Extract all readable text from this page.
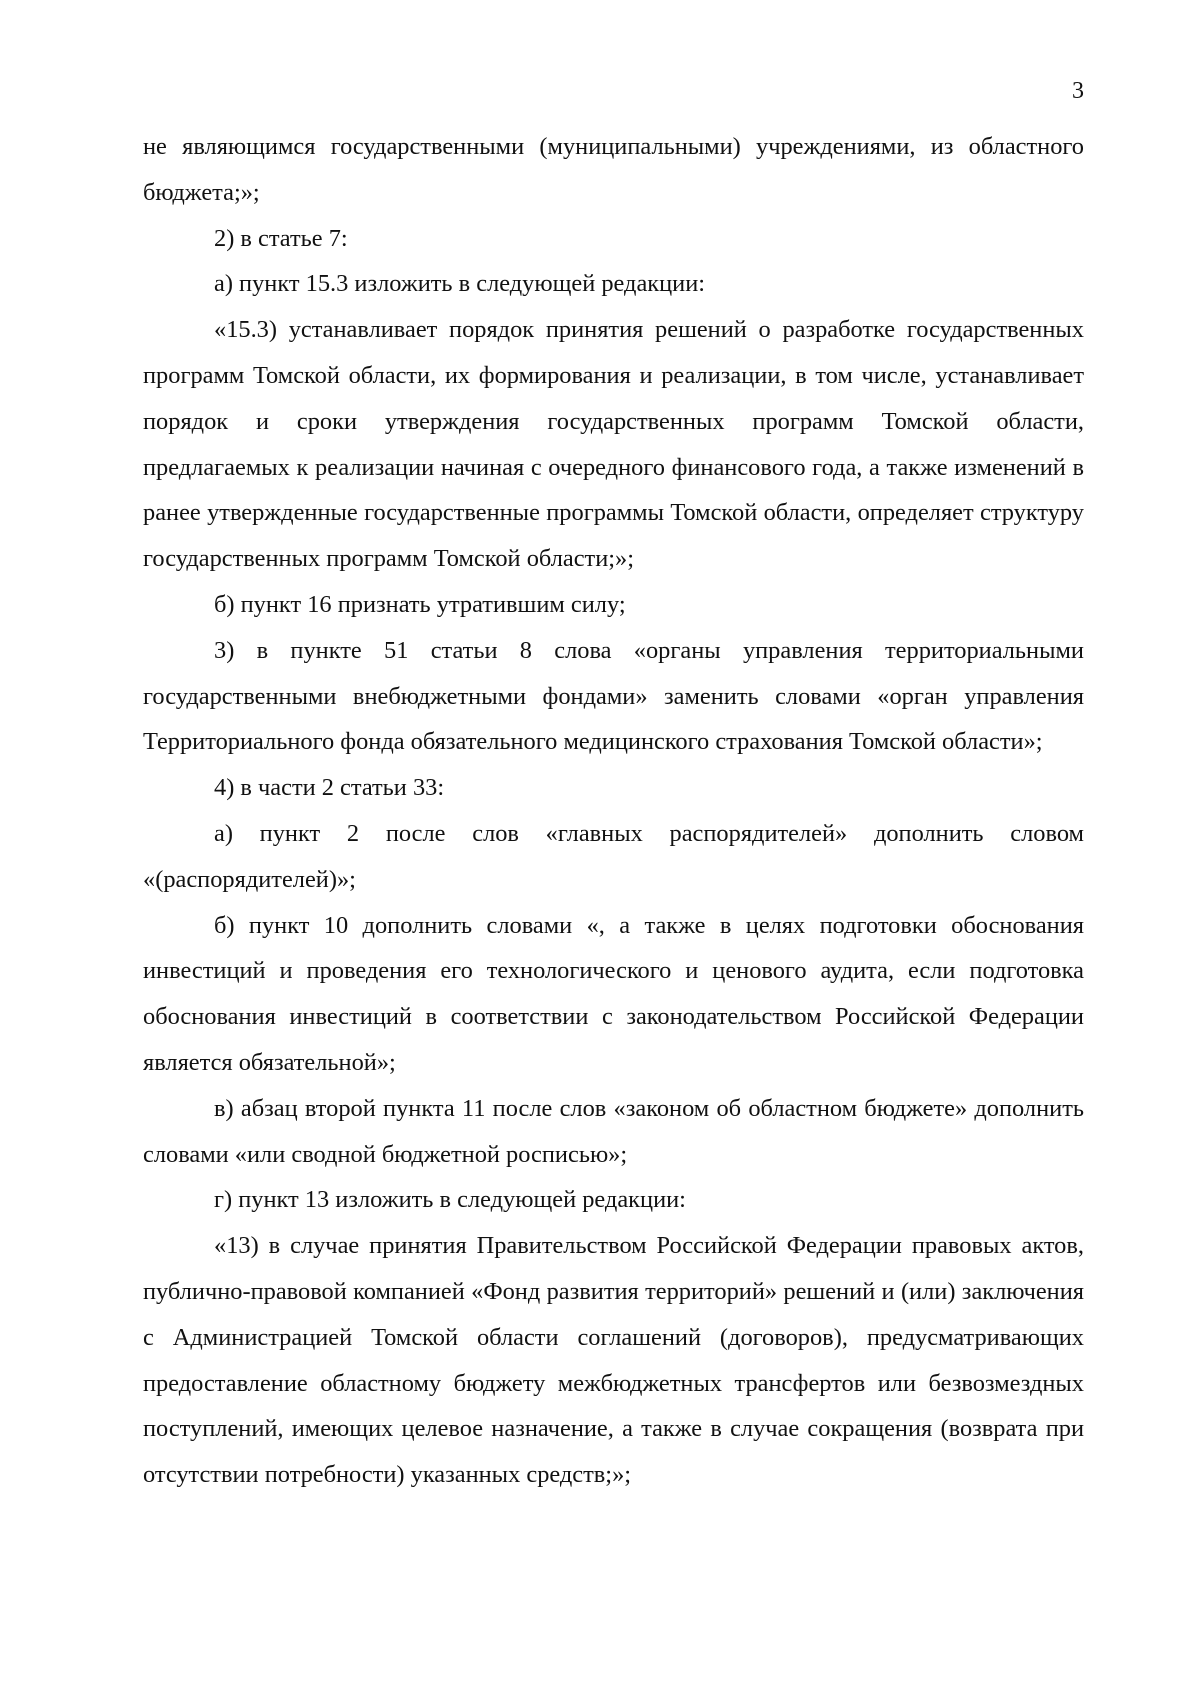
3

не являющимся государственными (муниципальными) учреждениями, из областного бюджета;»;

2) в статье 7:

а) пункт 15.3 изложить в следующей редакции:

«15.3) устанавливает порядок принятия решений о разработке государственных программ Томской области, их формирования и реализации, в том числе, устанавливает порядок и сроки утверждения государственных программ Томской области, предлагаемых к реализации начиная с очередного финансового года, а также изменений в ранее утвержденные государственные программы Томской области, определяет структуру государственных программ Томской области;»;

б) пункт 16 признать утратившим силу;

3) в пункте 51 статьи 8 слова «органы управления территориальными государственными внебюджетными фондами» заменить словами «орган управления Территориального фонда обязательного медицинского страхования Томской области»;

4) в части 2 статьи 33:

а) пункт 2 после слов «главных распорядителей» дополнить словом «(распорядителей)»;

б) пункт 10 дополнить словами «, а также в целях подготовки обоснования инвестиций и проведения его технологического и ценового аудита, если подготовка обоснования инвестиций в соответствии с законодательством Российской Федерации является обязательной»;

в) абзац второй пункта 11 после слов «законом об областном бюджете» дополнить словами «или сводной бюджетной росписью»;

г) пункт 13 изложить в следующей редакции:

«13) в случае принятия Правительством Российской Федерации правовых актов, публично-правовой компанией «Фонд развития территорий» решений и (или) заключения с Администрацией Томской области соглашений (договоров), предусматривающих предоставление областному бюджету межбюджетных трансфертов или безвозмездных поступлений, имеющих целевое назначение, а также в случае сокращения (возврата при отсутствии потребности) указанных средств;»;
